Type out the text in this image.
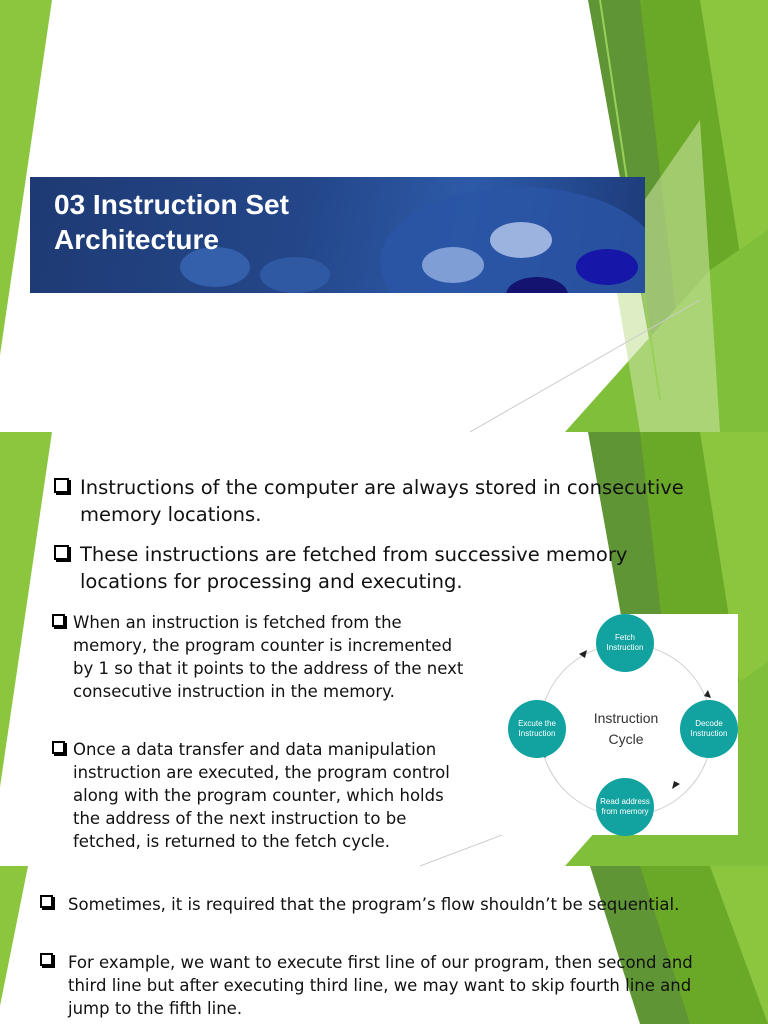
03 Instruction Set
Architecture
Instructions of the computer are always stored in consecutive memory locations.
These instructions are fetched from successive memory locations for processing and executing.
When an instruction is fetched from the memory, the program counter is incremented by 1 so that it points to the address of the next consecutive instruction in the memory.
Once a data transfer and data manipulation instruction are executed, the program control along with the program counter, which holds the address of the next instruction to be fetched, is returned to the fetch cycle.
Instruction
Cycle
Fetch
Instruction
Decode
Instruction
Read address
from memory
Excute the
Instruction
Sometimes, it is required that the program’s flow shouldn’t be sequential.
For example, we want to execute first line of our program, then second and third line but after executing third line, we may want to skip fourth line and jump to the fifth line.
